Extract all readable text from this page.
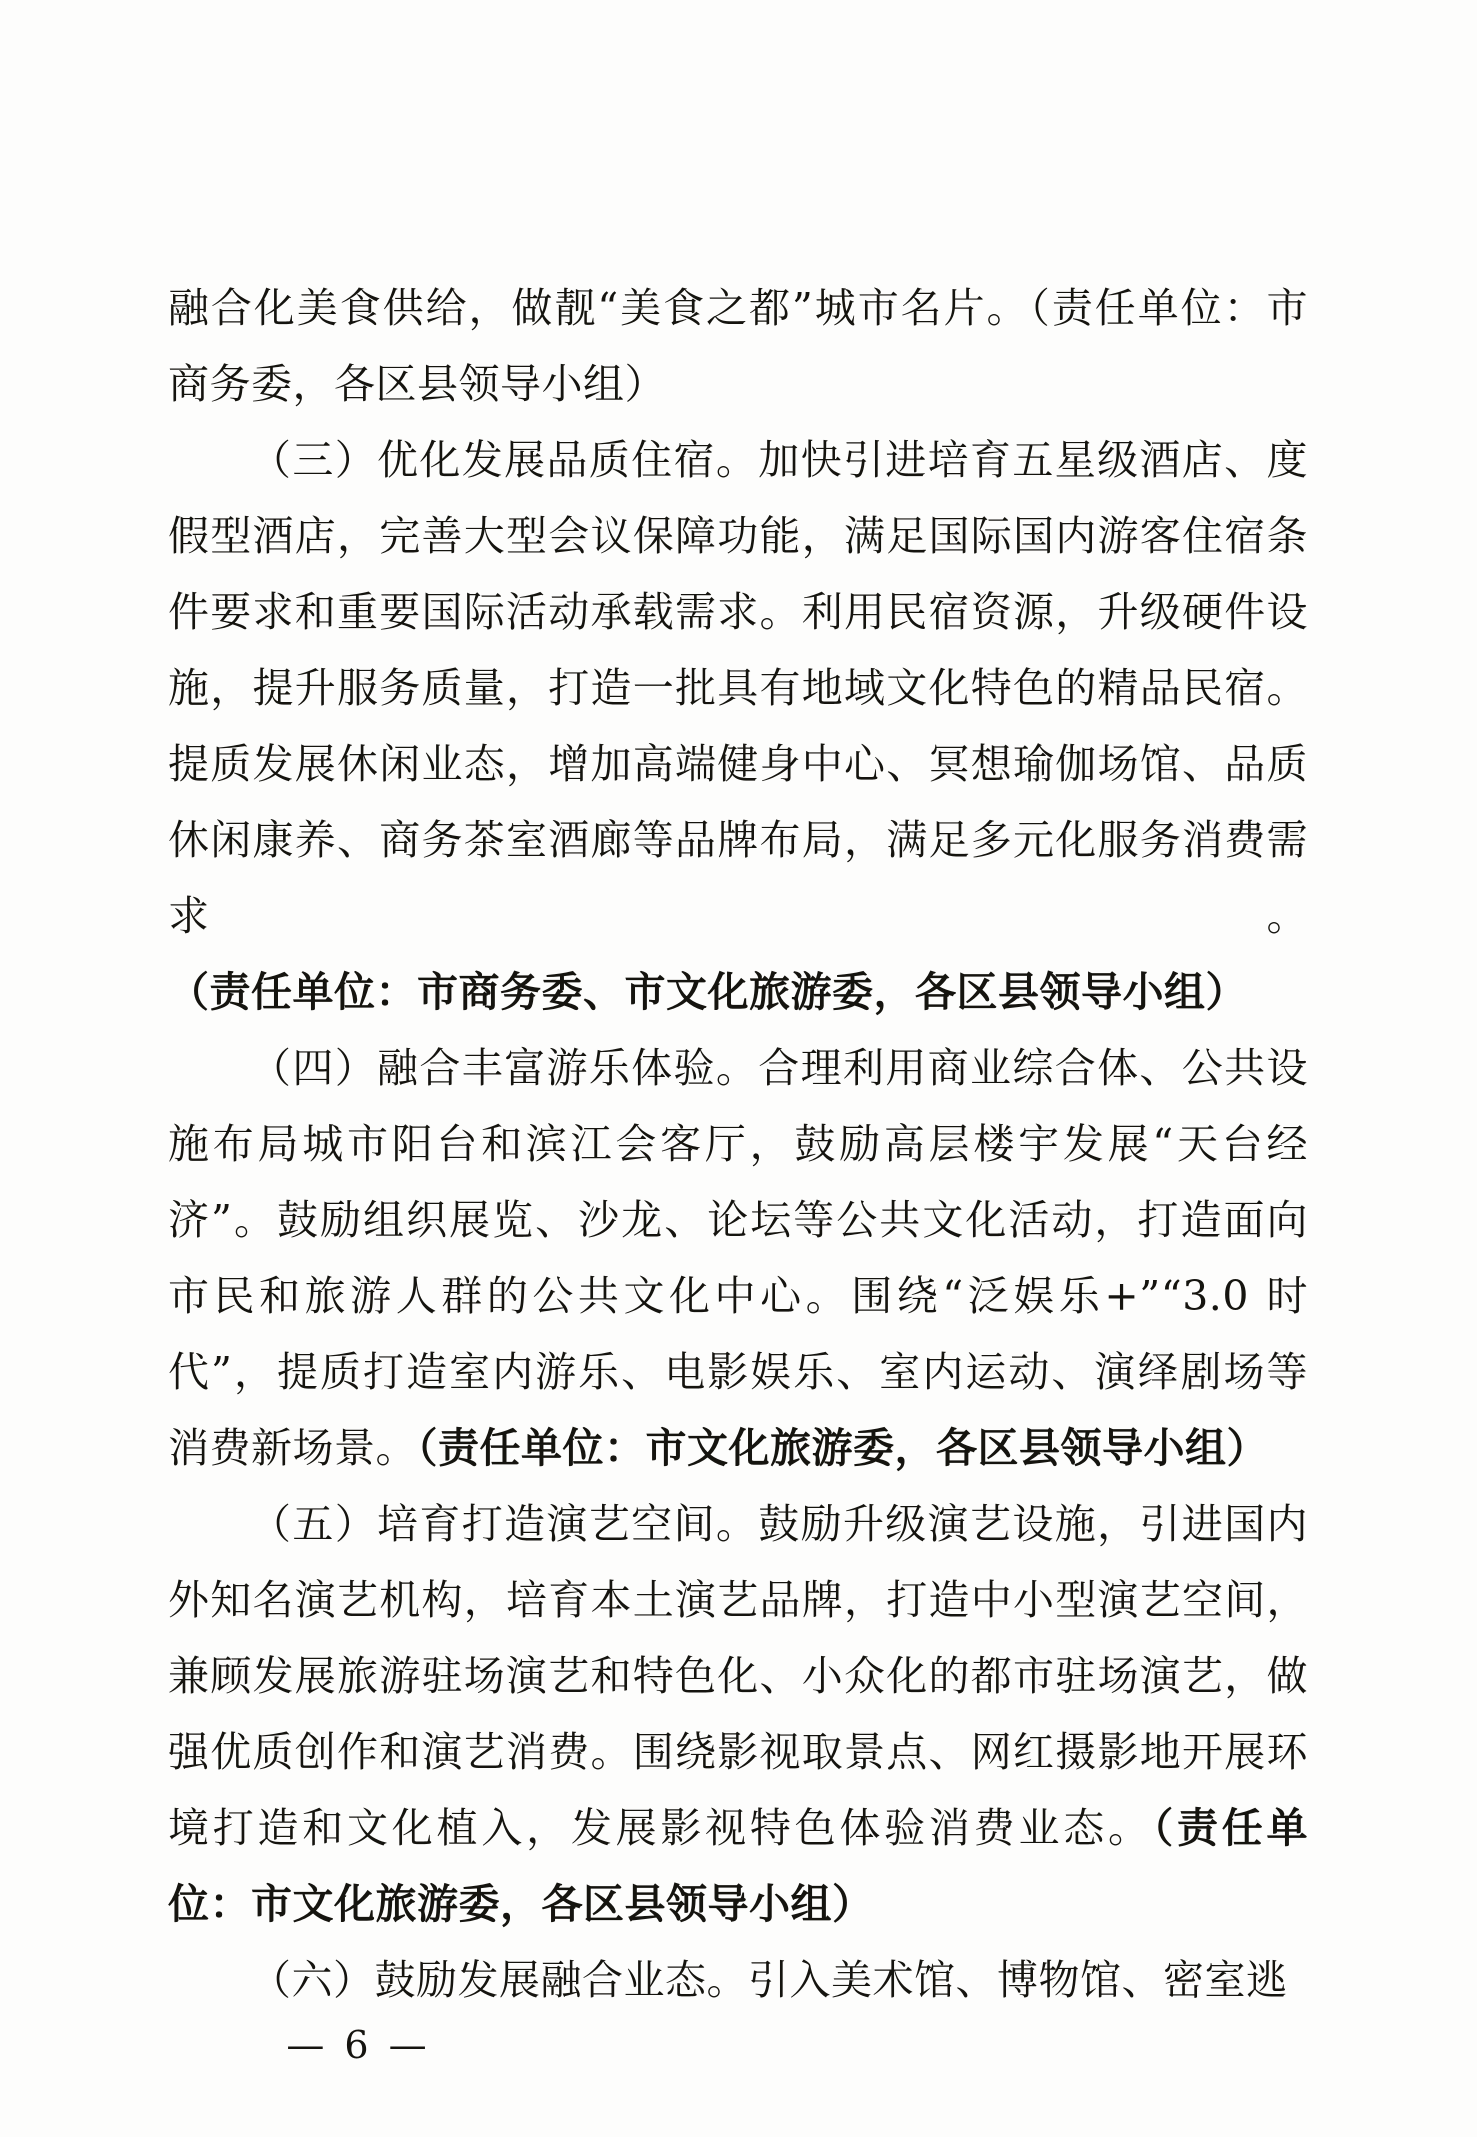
融合化美食供给，做靓“美食之都”城市名片。（责任单位：市商务委，各区县领导小组）

（三）优化发展品质住宿。加快引进培育五星级酒店、度假型酒店，完善大型会议保障功能，满足国际国内游客住宿条件要求和重要国际活动承载需求。利用民宿资源，升级硬件设施，提升服务质量，打造一批具有地域文化特色的精品民宿。提质发展休闲业态，增加高端健身中心、冥想瑜伽场馆、品质休闲康养、商务茶室酒廊等品牌布局，满足多元化服务消费需求。（责任单位：市商务委、市文化旅游委，各区县领导小组）

（四）融合丰富游乐体验。合理利用商业综合体、公共设施布局城市阳台和滨江会客厅，鼓励高层楼宇发展“天台经济”。鼓励组织展览、沙龙、论坛等公共文化活动，打造面向市民和旅游人群的公共文化中心。围绕“泛娱乐+”“3.0 时代”，提质打造室内游乐、电影娱乐、室内运动、演绎剧场等消费新场景。（责任单位：市文化旅游委，各区县领导小组）

（五）培育打造演艺空间。鼓励升级演艺设施，引进国内外知名演艺机构，培育本土演艺品牌，打造中小型演艺空间，兼顾发展旅游驻场演艺和特色化、小众化的都市驻场演艺，做强优质创作和演艺消费。围绕影视取景点、网红摄影地开展环境打造和文化植入，发展影视特色体验消费业态。（责任单位：市文化旅游委，各区县领导小组）

（六）鼓励发展融合业态。引入美术馆、博物馆、密室逃

— 6 —
